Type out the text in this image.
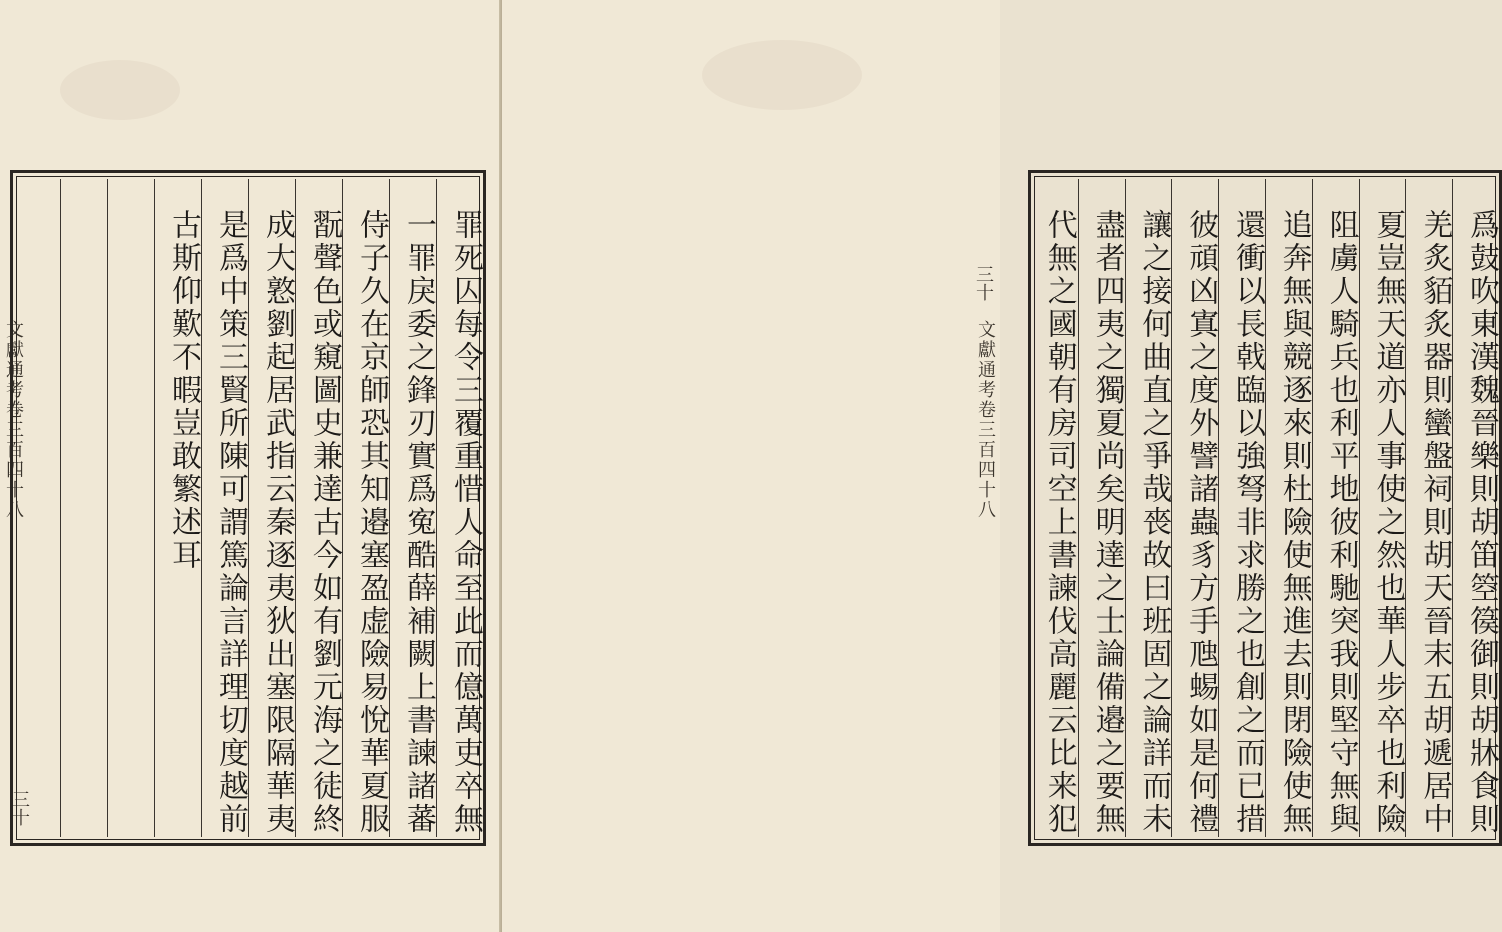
文獻通考卷三百四十八
三十	罪死囚每令三覆重惜人命至此而億萬吏卒無
一罪戾委之鋒刃實爲寃酷薛補闕上書諫諸蕃
侍子久在京師恐其知邉塞盈虚險易悅華夏服
翫聲色或窺圖史兼達古今如有劉元海之徒終
成大憝劉起居武指云秦逐夷狄出塞限隔華夷
是爲中策三賢所陳可謂篤論言詳理切度越前
古斯仰歎不暇豈敢繁述耳	文獻通考卷三百四十八
三十	爲鼓吹東漢魏晉樂則胡笛箜篌御則胡牀食則
羌炙貊炙器則蠻盤祠則胡天晉末五胡遞居中
夏豈無天道亦人事使之然也華人步卒也利險
阻虜人騎兵也利平地彼利馳突我則堅守無與
追奔無與競逐來則杜險使無進去則閉險使無
還衝以長戟臨以強弩非求勝之也創之而已措
彼頑凶寘之度外譬諸蟲豸方手虺蜴如是何禮
讓之接何曲直之爭哉䘮故曰班固之論詳而未
盡者四夷之獨夏尚矣明達之士論備邉之要無
代無之國朝有房司空上書諫伐高麗云比来犯
